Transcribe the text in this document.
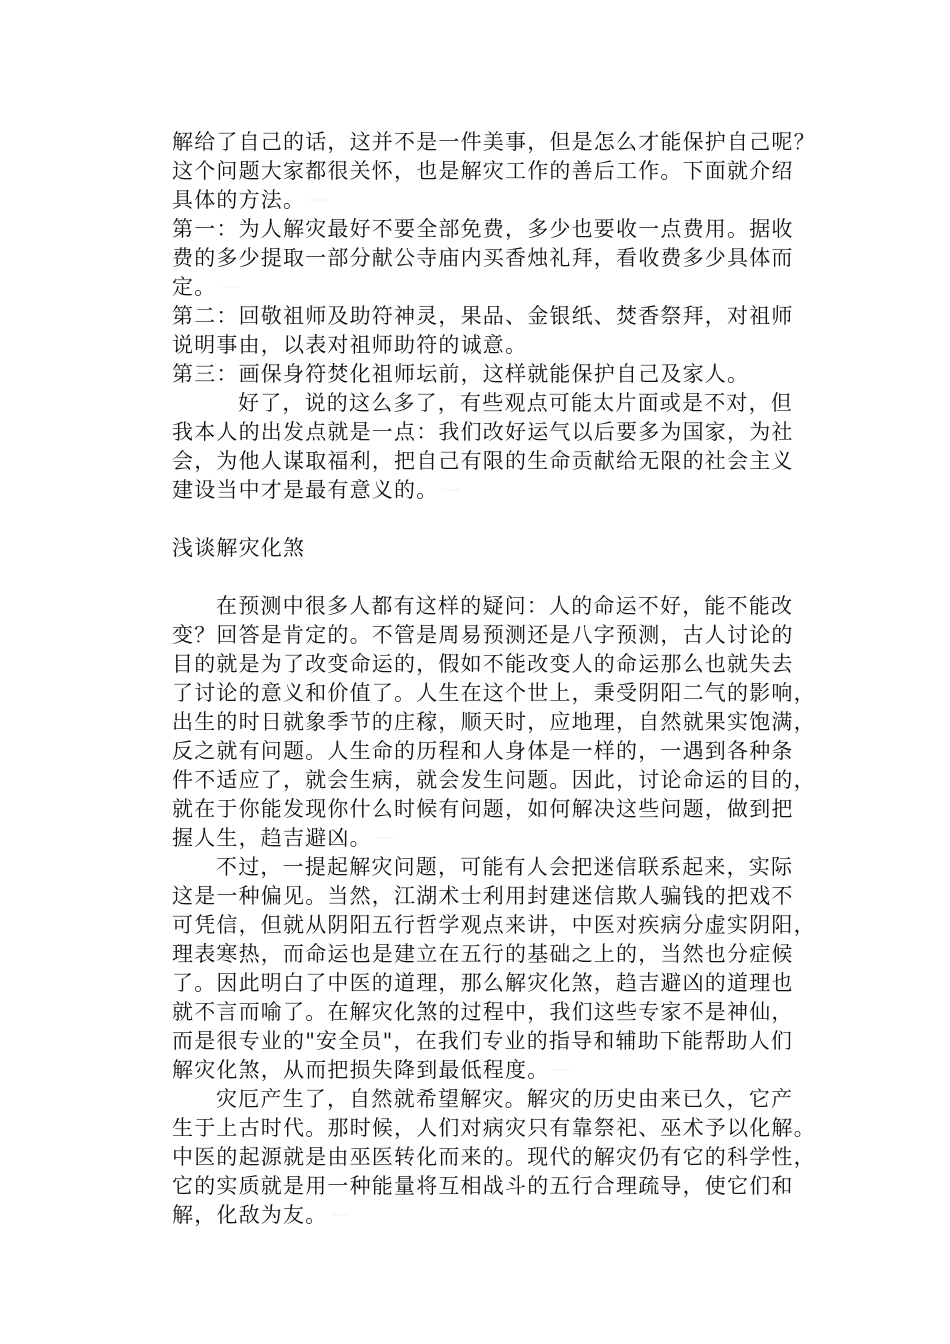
解给了自己的话，这并不是一件美事，但是怎么才能保护自己呢？
这个问题大家都很关怀，也是解灾工作的善后工作。下面就介绍
具体的方法。 ·······
第一：为人解灾最好不要全部免费，多少也要收一点费用。据收
费的多少提取一部分献公寺庙内买香烛礼拜，看收费多少具体而
定。 ·······
第二：回敬祖师及助符神灵，果品、金银纸、焚香祭拜，对祖师
说明事由，以表对祖师助符的诚意。
第三：画保身符焚化祖师坛前，这样就能保护自己及家人。
好了，说的这么多了，有些观点可能太片面或是不对，但
我本人的出发点就是一点：我们改好运气以后要多为国家，为社
会，为他人谋取福利，把自己有限的生命贡献给无限的社会主义
建设当中才是最有意义的。 ·······
浅谈解灾化煞
在预测中很多人都有这样的疑问：人的命运不好，能不能改
变？回答是肯定的。不管是周易预测还是八字预测，古人讨论的
目的就是为了改变命运的，假如不能改变人的命运那么也就失去
了讨论的意义和价值了。人生在这个世上，秉受阴阳二气的影响，
出生的时日就象季节的庄稼，顺天时，应地理，自然就果实饱满，
反之就有问题。人生命的历程和人身体是一样的，一遇到各种条
件不适应了，就会生病，就会发生问题。因此，讨论命运的目的，
就在于你能发现你什么时候有问题，如何解决这些问题，做到把
握人生，趋吉避凶。 ·······
不过，一提起解灾问题，可能有人会把迷信联系起来，实际
这是一种偏见。当然，江湖术士利用封建迷信欺人骗钱的把戏不
可凭信，但就从阴阳五行哲学观点来讲，中医对疾病分虚实阴阳，
理表寒热，而命运也是建立在五行的基础之上的，当然也分症候
了。因此明白了中医的道理，那么解灾化煞，趋吉避凶的道理也
就不言而喻了。在解灾化煞的过程中，我们这些专家不是神仙，
而是很专业的"安全员"，在我们专业的指导和辅助下能帮助人们
解灾化煞，从而把损失降到最低程度。 ·······
灾厄产生了，自然就希望解灾。解灾的历史由来已久，它产
生于上古时代。那时候，人们对病灾只有靠祭祀、巫术予以化解。
中医的起源就是由巫医转化而来的。现代的解灾仍有它的科学性，
它的实质就是用一种能量将互相战斗的五行合理疏导，使它们和
解，化敌为友。 ·······
